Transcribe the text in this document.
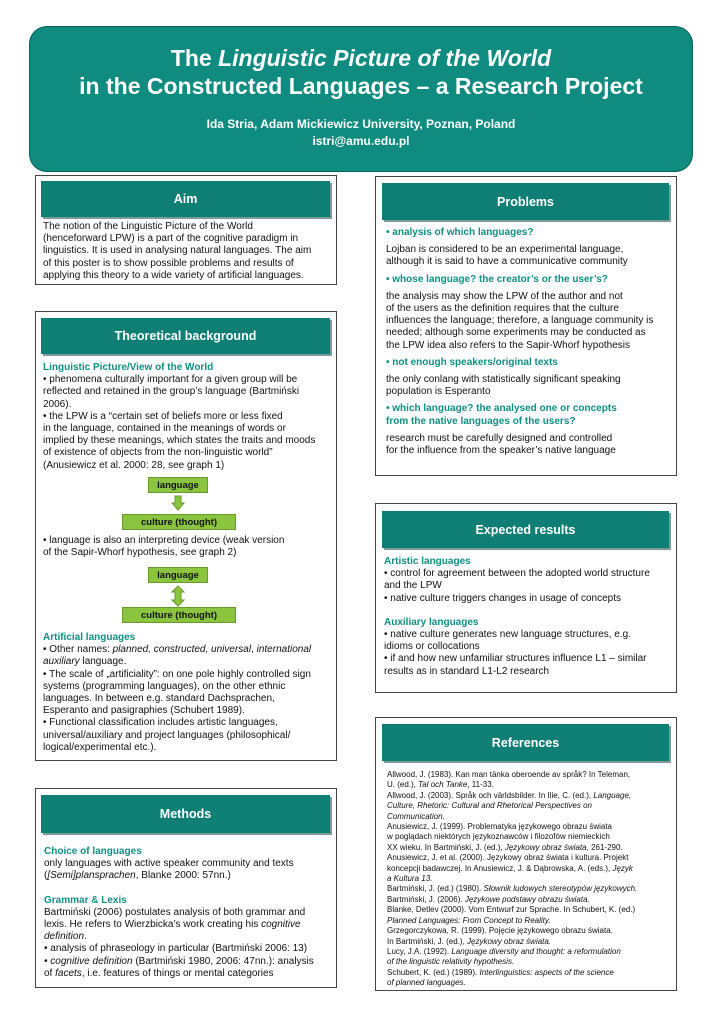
The Linguistic Picture of the World
in the Constructed Languages – a Research Project
Ida Stria, Adam Mickiewicz University, Poznan, Poland
istri@amu.edu.pl
Aim
The notion of the Linguistic Picture of the World
(henceforward LPW) is a part of the cognitive paradigm in
linguistics. It is used in analysing natural languages. The aim
of this poster is to show possible problems and results of
applying this theory to a wide variety of artificial languages.
Theoretical background
Linguistic Picture/View of the World
• phenomena culturally important for a given group will be
reflected and retained in the group’s language (Bartmiński
2006).
• the LPW is a “certain set of beliefs more or less fixed
in the language, contained in the meanings of words or
implied by these meanings, which states the traits and moods
of existence of objects from the non-linguistic world”
(Anusiewicz et al. 2000: 28, see graph 1)
language
culture (thought)
• language is also an interpreting device (weak version
of the Sapir-Whorf hypothesis, see graph 2)
language
culture (thought)
Artificial languages
• Other names: planned, constructed, universal, international
auxiliary language.
• The scale of „artificiality”: on one pole highly controlled sign
systems (programming languages), on the other ethnic
languages. In between e.g. standard Dachsprachen,
Esperanto and pasigraphies (Schubert 1989).
• Functional classification includes artistic languages,
universal/auxiliary and project languages (philosophical/
logical/experimental etc.).
Methods
Choice of languages
only languages with active speaker community and texts
([Semi]plansprachen, Blanke 2000: 57nn.)
Grammar & Lexis
Bartmiński (2006) postulates analysis of both grammar and
lexis. He refers to Wierzbicka’s work creating his cognitive
definition.
• analysis of phraseology in particular (Bartmiński 2006: 13)
• cognitive definition (Bartmiński 1980, 2006: 47nn.): analysis
of facets, i.e. features of things or mental categories
Problems
• analysis of which languages?
Lojban is considered to be an experimental language,
although it is said to have a communicative community
• whose language? the creator’s or the user’s?
the analysis may show the LPW of the author and not
of the users as the definition requires that the culture
influences the language; therefore, a language community is
needed; although some experiments may be conducted as
the LPW idea also refers to the Sapir-Whorf hypothesis
• not enough speakers/original texts
the only conlang with statistically significant speaking
population is Esperanto
• which language? the analysed one or concepts
from the native languages of the users?
research must be carefully designed and controlled
for the influence from the speaker’s native language
Expected results
Artistic languages
• control for agreement between the adopted world structure
and the LPW
• native culture triggers changes in usage of concepts
Auxiliary languages
• native culture generates new language structures, e.g.
idioms or collocations
• if and how new unfamiliar structures influence L1 – similar
results as in standard L1-L2 research
References
Allwood, J. (1983). Kan man tänka oberoende av språk? In Teleman,
U. (ed.), Tal och Tanke, 11-33.
Allwood, J. (2003). Språk och världsbilder. In Ilie, C. (ed.), Language,
Culture, Rhetoric: Cultural and Rhetorical Perspectives on
Communication.
Anusiewicz, J. (1999). Problematyka językowego obrazu świata
w poglądach niektórych językoznawców i filozofów niemieckich
XX wieku. In Bartmiński, J. (ed.), Językowy obraz świata, 261-290.
Anusiewicz, J. et al. (2000). Językowy obraz świata i kultura. Projekt
koncepcji badawczej. In Anusiewicz, J. & Dąbrowska, A. (eds.), Język
a Kultura 13.
Bartmiński, J. (ed.) (1980). Słownik ludowych stereotypów językowych.
Bartmiński, J. (2006). Językowe podstawy obrazu świata.
Blanke, Detlev (2000). Vom Entwurf zur Sprache. In Schubert, K. (ed.)
Planned Languages: From Concept to Reality.
Grzegorczykowa, R. (1999). Pojęcie językowego obrazu świata.
In Bartmiński, J. (ed.), Językowy obraz świata.
Lucy, J.A. (1992). Language diversity and thought: a reformulation
of the linguistic relativity hypothesis.
Schubert, K. (ed.) (1989). Interlinguistics: aspects of the science
of planned languages.
